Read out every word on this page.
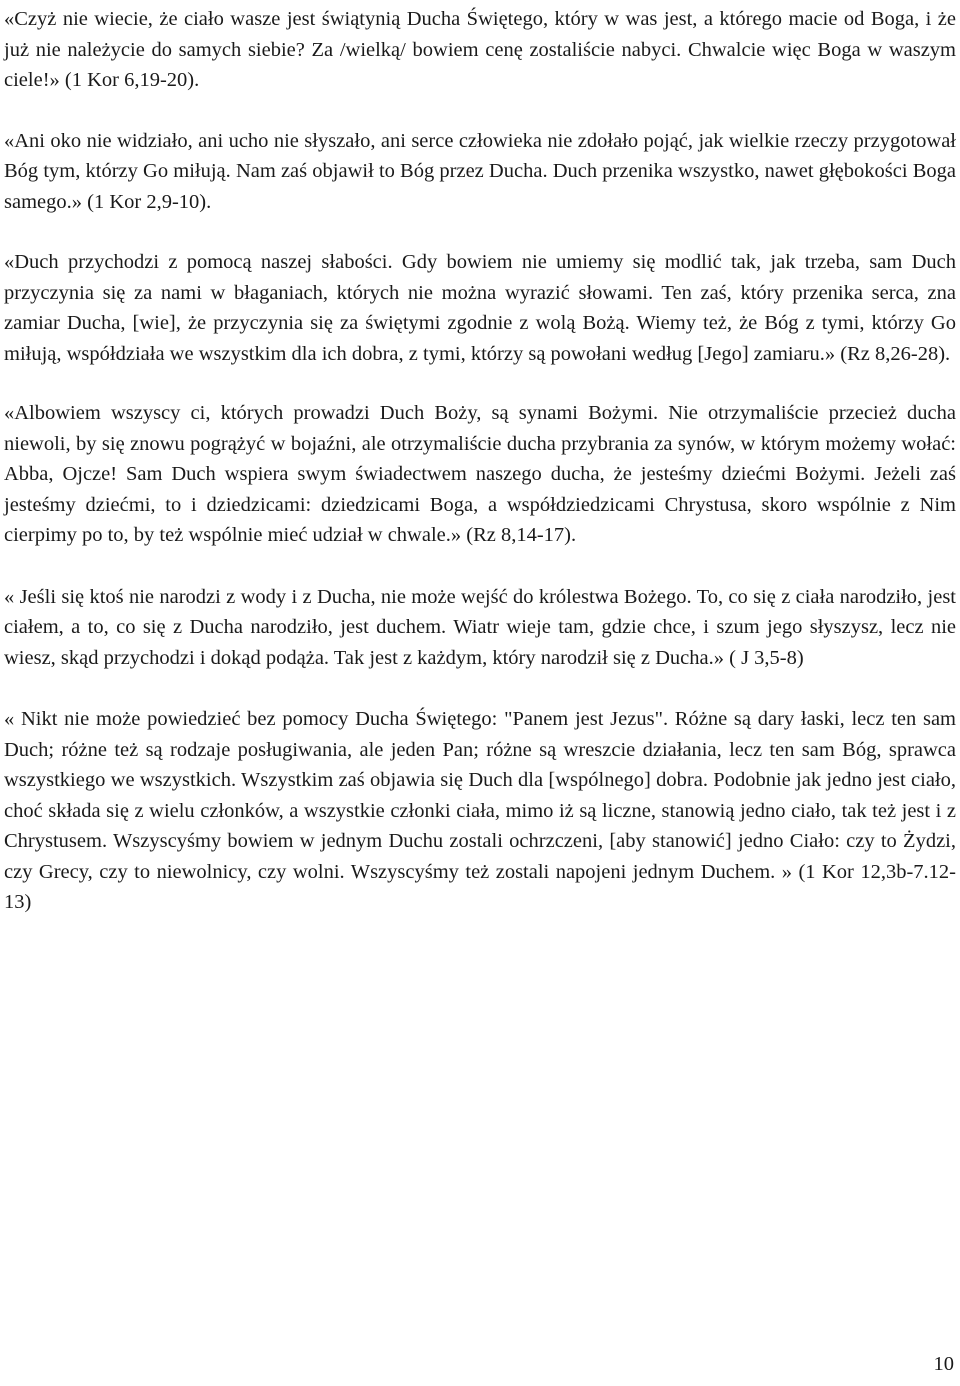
«Czyż nie wiecie, że ciało wasze jest świątynią Ducha Świętego, który w was jest, a którego macie od Boga, i że już nie należycie do samych siebie? Za /wielką/ bowiem cenę zostaliście nabyci. Chwalcie więc Boga w waszym ciele!» (1 Kor 6,19-20).

«Ani oko nie widziało, ani ucho nie słyszało, ani serce człowieka nie zdołało pojąć, jak wielkie rzeczy przygotował Bóg tym, którzy Go miłują. Nam zaś objawił to Bóg przez Ducha. Duch przenika wszystko, nawet głębokości Boga samego.» (1 Kor 2,9-10).

«Duch przychodzi z pomocą naszej słabości. Gdy bowiem nie umiemy się modlić tak, jak trzeba, sam Duch przyczynia się za nami w błaganiach, których nie można wyrazić słowami. Ten zaś, który przenika serca, zna zamiar Ducha, [wie], że przyczynia się za świętymi zgodnie z wolą Bożą. Wiemy też, że Bóg z tymi, którzy Go miłują, współdziała we wszystkim dla ich dobra, z tymi, którzy są powołani według [Jego] zamiaru.» (Rz 8,26-28).

«Albowiem wszyscy ci, których prowadzi Duch Boży, są synami Bożymi. Nie otrzymaliście przecież ducha niewoli, by się znowu pogrążyć w bojaźni, ale otrzymaliście ducha przybrania za synów, w którym możemy wołać: Abba, Ojcze! Sam Duch wspiera swym świadectwem naszego ducha, że jesteśmy dziećmi Bożymi. Jeżeli zaś jesteśmy dziećmi, to i dziedzicami: dziedzicami Boga, a współdziedzicami Chrystusa, skoro wspólnie z Nim cierpimy po to, by też wspólnie mieć udział w chwale.» (Rz 8,14-17).

« Jeśli się ktoś nie narodzi z wody i z Ducha, nie może wejść do królestwa Bożego. To, co się z ciała narodziło, jest ciałem, a to, co się z Ducha narodziło, jest duchem. Wiatr wieje tam, gdzie chce, i szum jego słyszysz, lecz nie wiesz, skąd przychodzi i dokąd podąża. Tak jest z każdym, który narodził się z Ducha.» ( J 3,5-8)

« Nikt nie może powiedzieć bez pomocy Ducha Świętego: "Panem jest Jezus". Różne są dary łaski, lecz ten sam Duch; różne też są rodzaje posługiwania, ale jeden Pan; różne są wreszcie działania, lecz ten sam Bóg, sprawca wszystkiego we wszystkich. Wszystkim zaś objawia się Duch dla [wspólnego] dobra. Podobnie jak jedno jest ciało, choć składa się z wielu członków, a wszystkie członki ciała, mimo iż są liczne, stanowią jedno ciało, tak też jest i z Chrystusem. Wszyscyśmy bowiem w jednym Duchu zostali ochrzczeni, [aby stanowić] jedno Ciało: czy to Żydzi, czy Grecy, czy to niewolnicy, czy wolni. Wszyscyśmy też zostali napojeni jednym Duchem. » (1 Kor 12,3b-7.12-13)

10
